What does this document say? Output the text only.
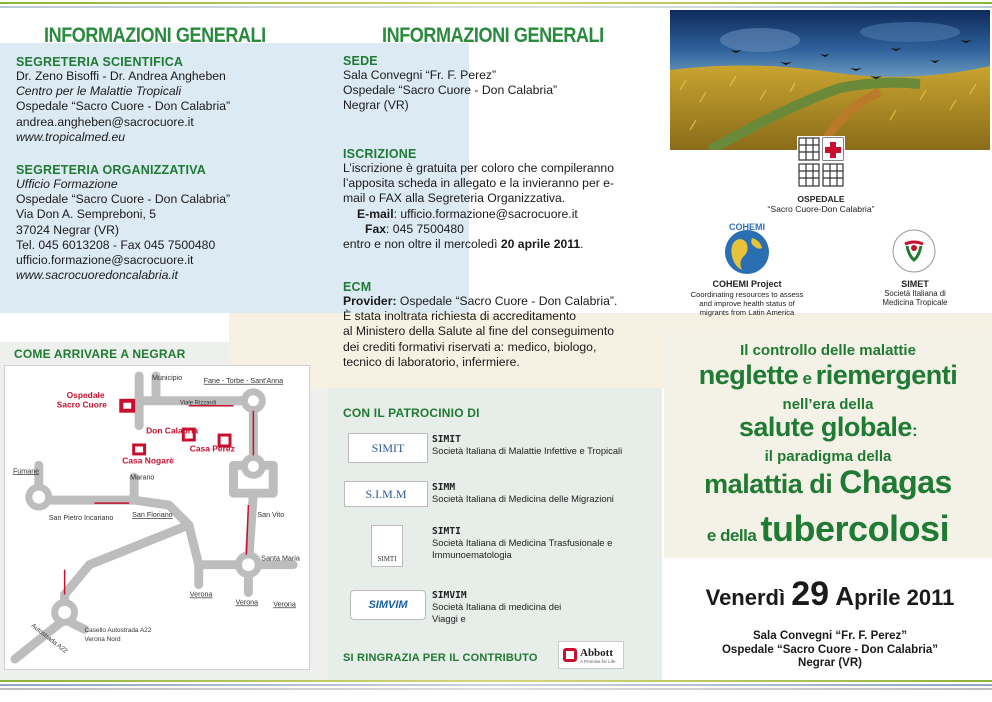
INFORMAZIONI GENERALI
SEGRETERIA SCIENTIFICA
Dr. Zeno Bisoffi - Dr. Andrea Angheben
Centro per le Malattie Tropicali
Ospedale “Sacro Cuore - Don Calabria”
andrea.angheben@sacrocuore.it
www.tropicalmed.eu
SEGRETERIA ORGANIZZATIVA
Ufficio Formazione
Ospedale “Sacro Cuore - Don Calabria”
Via Don A. Sempreboni, 5
37024 Negrar (VR)
Tel. 045 6013208 - Fax 045 7500480
ufficio.formazione@sacrocuore.it
www.sacrocuoredoncalabria.it
COME ARRIVARE A NEGRAR
Ospedale
Sacro Cuore
Don Calabria
Casa Perez
Casa Nogarè
Municipio	Fane - Torbe - Sant'Anna
Viale Rizzardi
Fumane
Marano
San Pietro Incariano	San Floriano	San Vito
Santa Maria
Verona
Verona Verona
Casello Autostrada A22
Verona Nord
Autostrada A22
INFORMAZIONI GENERALI
SEDE
Sala Convegni “Fr. F. Perez”
Ospedale “Sacro Cuore - Don Calabria”
Negrar (VR)
ISCRIZIONE
L’iscrizione è gratuita per coloro che compileranno
l’apposita scheda in allegato e la invieranno per e-
mail o FAX alla Segreteria Organizzativa.
E-mail: ufficio.formazione@sacrocuore.it
Fax: 045 7500480
entro e non oltre il mercoledì 20 aprile 2011.
ECM
Provider: Ospedale “Sacro Cuore - Don Calabria”.
È stata inoltrata richiesta di accreditamento
al Ministero della Salute al fine del conseguimento
dei crediti formativi riservati a: medico, biologo,
tecnico di laboratorio, infermiere.
CON IL PATROCINIO DI
SIMIT
SIMIT
Società Italiana di Malattie Infettive e Tropicali
S.I.M.M	SIMM
Società Italiana di Medicina delle Migrazioni
SIMTI
SIMTI
Società Italiana di Medicina Trasfusionale e
Immunoematologia
SIMVIM
SIMVIM
Società Italiana di medicina dei
Viaggi e
SI RINGRAZIA PER IL CONTRIBUTO	Abbott
A Promise for Life
OSPEDALE
“Sacro Cuore-Don Calabria”
COHEMI
COHEMI Project
Coordinating resources to assess
and improve health status of
migrants from Latin America
SIMET
Società Italiana di
Medicina Tropicale
Il controllo delle malattie
neglette e riemergenti
nell’era della
salute globale:
il paradigma della
malattia di Chagas
e della tubercolosi
Venerdì 29 Aprile 2011
Sala Convegni “Fr. F. Perez”
Ospedale “Sacro Cuore - Don Calabria”
Negrar (VR)
